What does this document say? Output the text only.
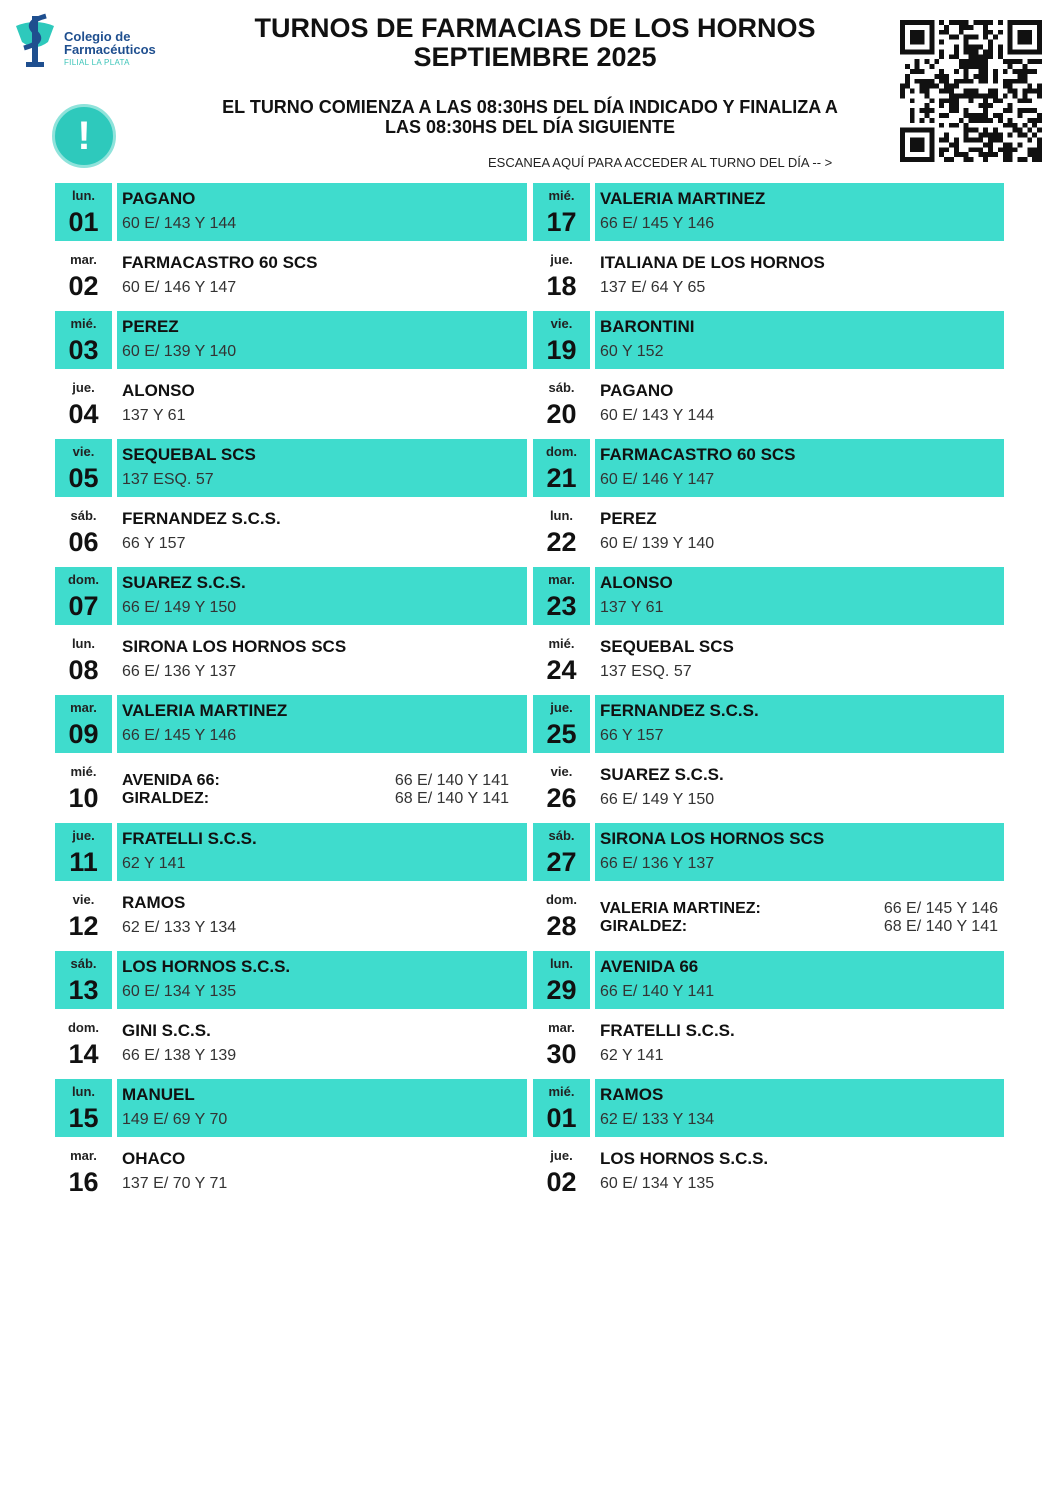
Colegio de
Farmacéuticos
FILIAL LA PLATA
TURNOS DE FARMACIAS DE LOS HORNOS
SEPTIEMBRE 2025
EL TURNO COMIENZA A LAS 08:30HS DEL DÍA INDICADO Y FINALIZA A
LAS 08:30HS DEL DÍA SIGUIENTE
!
ESCANEA AQUÍ PARA ACCEDER AL TURNO DEL DÍA -- >
lun.
01
PAGANO
60 E/ 143 Y 144
mar.
02
FARMACASTRO 60 SCS
60 E/ 146 Y 147
mié.
03
PEREZ
60 E/ 139 Y 140
jue.
04
ALONSO
137 Y 61
vie.
05
SEQUEBAL SCS
137 ESQ. 57
sáb.
06
FERNANDEZ S.C.S.
66 Y 157
dom.
07
SUAREZ S.C.S.
66 E/ 149 Y 150
lun.
08
SIRONA LOS HORNOS SCS
66 E/ 136 Y 137
mar.
09
VALERIA MARTINEZ
66 E/ 145 Y 146
mié.
10
AVENIDA 66:	66 E/ 140 Y 141
GIRALDEZ:	68 E/ 140 Y 141
jue.
11
FRATELLI S.C.S.
62 Y 141
vie.
12
RAMOS
62 E/ 133 Y 134
sáb.
13
LOS HORNOS S.C.S.
60 E/ 134 Y 135
dom.
14
GINI S.C.S.
66 E/ 138 Y 139
lun.
15
MANUEL
149 E/ 69 Y 70
mar.
16
OHACO
137 E/ 70 Y 71
mié.
17
VALERIA MARTINEZ
66 E/ 145 Y 146
jue.
18
ITALIANA DE LOS HORNOS
137 E/ 64 Y 65
vie.
19
BARONTINI
60 Y 152
sáb.
20
PAGANO
60 E/ 143 Y 144
dom.
21
FARMACASTRO 60 SCS
60 E/ 146 Y 147
lun.
22
PEREZ
60 E/ 139 Y 140
mar.
23
ALONSO
137 Y 61
mié.
24
SEQUEBAL SCS
137 ESQ. 57
jue.
25
FERNANDEZ S.C.S.
66 Y 157
vie.
26
SUAREZ S.C.S.
66 E/ 149 Y 150
sáb.
27
SIRONA LOS HORNOS SCS
66 E/ 136 Y 137
dom.
28
VALERIA MARTINEZ:	66 E/ 145 Y 146
GIRALDEZ:	68 E/ 140 Y 141
lun.
29
AVENIDA 66
66 E/ 140 Y 141
mar.
30
FRATELLI S.C.S.
62 Y 141
mié.
01
RAMOS
62 E/ 133 Y 134
jue.
02
LOS HORNOS S.C.S.
60 E/ 134 Y 135
